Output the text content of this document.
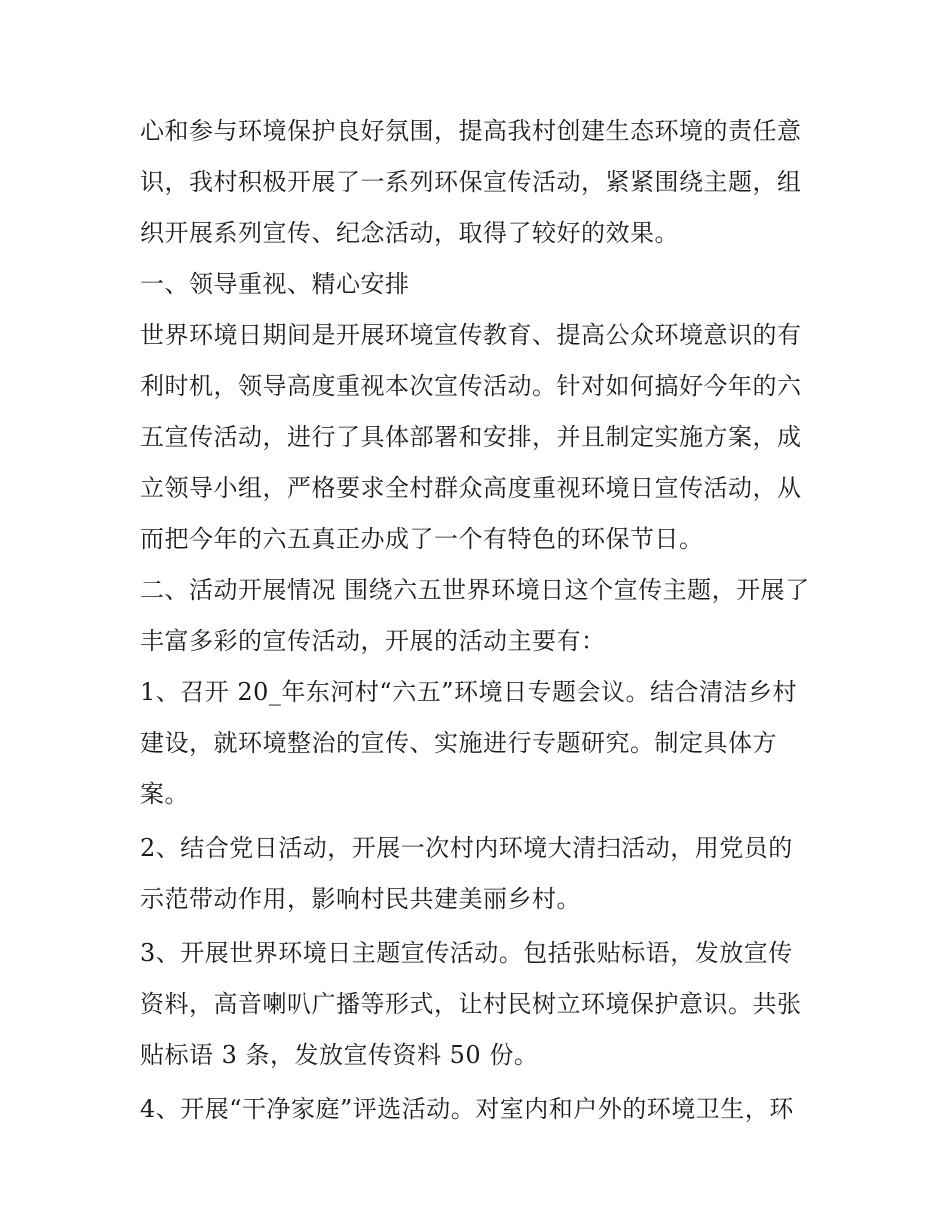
心和参与环境保护良好氛围，提高我村创建生态环境的责任意识，我村积极开展了一系列环保宣传活动，紧紧围绕主题，组织开展系列宣传、纪念活动，取得了较好的效果。

一、领导重视、精心安排

世界环境日期间是开展环境宣传教育、提高公众环境意识的有利时机，领导高度重视本次宣传活动。针对如何搞好今年的六五宣传活动，进行了具体部署和安排，并且制定实施方案，成立领导小组，严格要求全村群众高度重视环境日宣传活动，从而把今年的六五真正办成了一个有特色的环保节日。

二、活动开展情况 围绕六五世界环境日这个宣传主题，开展了丰富多彩的宣传活动，开展的活动主要有：

1、召开 20_年东河村“六五”环境日专题会议。结合清洁乡村建设，就环境整治的宣传、实施进行专题研究。制定具体方案。

2、结合党日活动，开展一次村内环境大清扫活动，用党员的示范带动作用，影响村民共建美丽乡村。

3、开展世界环境日主题宣传活动。包括张贴标语，发放宣传资料，高音喇叭广播等形式，让村民树立环境保护意识。共张贴标语 3 条，发放宣传资料 50 份。

4、开展“干净家庭”评选活动。对室内和户外的环境卫生，环
